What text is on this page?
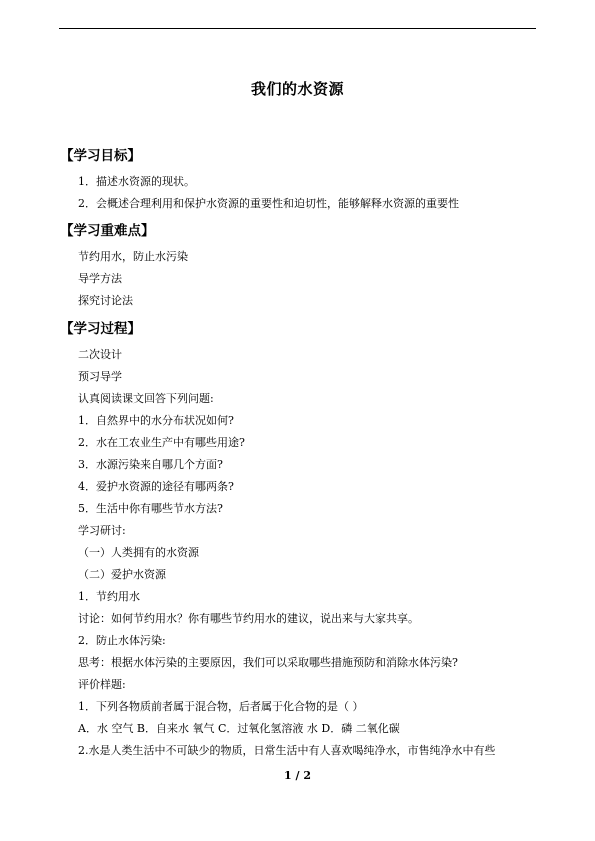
我们的水资源
【学习目标】
1．描述水资源的现状。
2．会概述合理利用和保护水资源的重要性和迫切性，能够解释水资源的重要性
【学习重难点】
节约用水，防止水污染
导学方法
探究讨论法
【学习过程】
二次设计
预习导学
认真阅读课文回答下列问题:
1．自然界中的水分布状况如何?
2．水在工农业生产中有哪些用途?
3．水源污染来自哪几个方面?
4．爱护水资源的途径有哪两条?
5．生活中你有哪些节水方法?
学习研讨:
（一）人类拥有的水资源
（二）爱护水资源
1．节约用水
讨论：如何节约用水？你有哪些节约用水的建议，说出来与大家共享。
2．防止水体污染:
思考：根据水体污染的主要原因，我们可以采取哪些措施预防和消除水体污染?
评价样题:
1．下列各物质前者属于混合物，后者属于化合物的是（ ）
A．水 空气 B．自来水 氧气 C．过氧化氢溶液 水 D．磷 二氧化碳
2.水是人类生活中不可缺少的物质，日常生活中有人喜欢喝纯净水，市售纯净水中有些
1 / 2
